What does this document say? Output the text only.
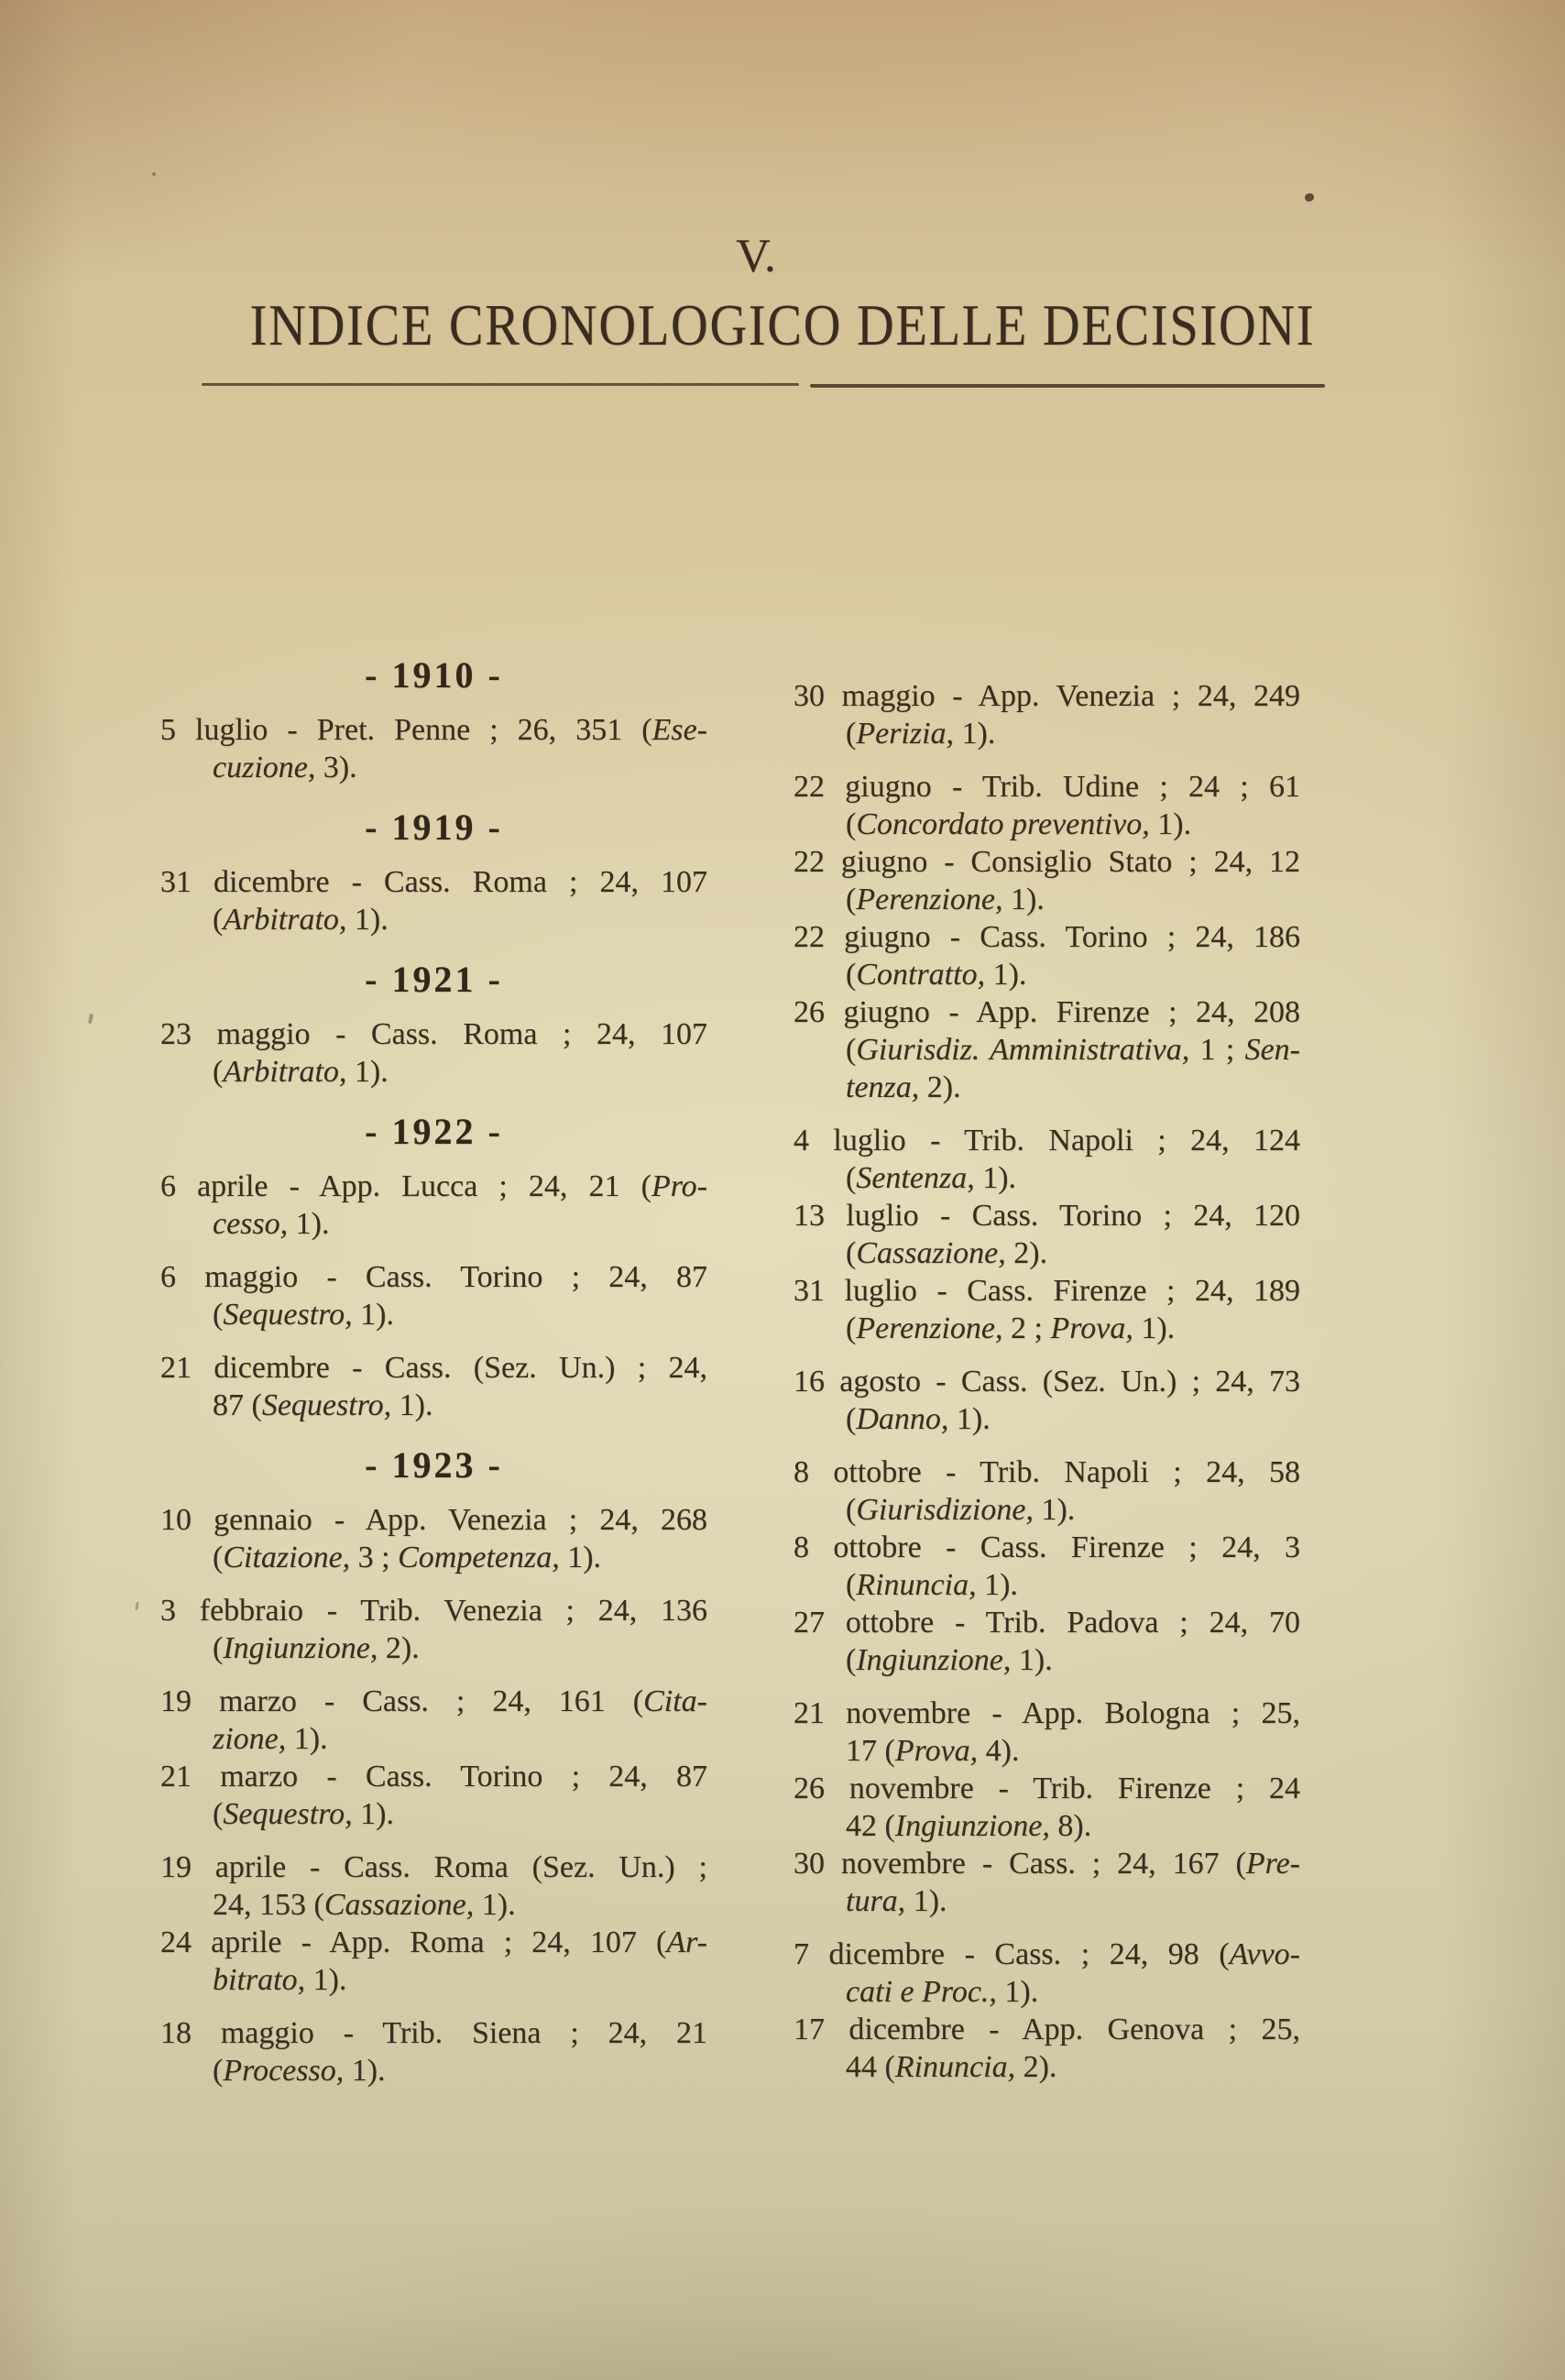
V.
INDICE CRONOLOGICO DELLE DECISIONI
- 1910 -
5 luglio - Pret. Penne ; 26, 351 (Ese-
cuzione, 3).
- 1919 -
31 dicembre - Cass. Roma ; 24, 107
(Arbitrato, 1).
- 1921 -
23 maggio - Cass. Roma ; 24, 107
(Arbitrato, 1).
- 1922 -
6 aprile - App. Lucca ; 24, 21 (Pro-
cesso, 1).
6 maggio - Cass. Torino ; 24, 87
(Sequestro, 1).
21 dicembre - Cass. (Sez. Un.) ; 24,
87 (Sequestro, 1).
- 1923 -
10 gennaio - App. Venezia ; 24, 268
(Citazione, 3 ; Competenza, 1).
3 febbraio - Trib. Venezia ; 24, 136
(Ingiunzione, 2).
19 marzo - Cass. ; 24, 161 (Cita-
zione, 1).
21 marzo - Cass. Torino ; 24, 87
(Sequestro, 1).
19 aprile - Cass. Roma (Sez. Un.) ;
24, 153 (Cassazione, 1).
24 aprile - App. Roma ; 24, 107 (Ar-
bitrato, 1).
18 maggio - Trib. Siena ; 24, 21
(Processo, 1).
30 maggio - App. Venezia ; 24, 249
(Perizia, 1).
22 giugno - Trib. Udine ; 24 ; 61
(Concordato preventivo, 1).
22 giugno - Consiglio Stato ; 24, 12
(Perenzione, 1).
22 giugno - Cass. Torino ; 24, 186
(Contratto, 1).
26 giugno - App. Firenze ; 24, 208
(Giurisdiz. Amministrativa, 1 ; Sen-
tenza, 2).
4 luglio - Trib. Napoli ; 24, 124
(Sentenza, 1).
13 luglio - Cass. Torino ; 24, 120
(Cassazione, 2).
31 luglio - Cass. Firenze ; 24, 189
(Perenzione, 2 ; Prova, 1).
16 agosto - Cass. (Sez. Un.) ; 24, 73
(Danno, 1).
8 ottobre - Trib. Napoli ; 24, 58
(Giurisdizione, 1).
8 ottobre - Cass. Firenze ; 24, 3
(Rinuncia, 1).
27 ottobre - Trib. Padova ; 24, 70
(Ingiunzione, 1).
21 novembre - App. Bologna ; 25,
17 (Prova, 4).
26 novembre - Trib. Firenze ; 24
42 (Ingiunzione, 8).
30 novembre - Cass. ; 24, 167 (Pre-
tura, 1).
7 dicembre - Cass. ; 24, 98 (Avvo-
cati e Proc., 1).
17 dicembre - App. Genova ; 25,
44 (Rinuncia, 2).
